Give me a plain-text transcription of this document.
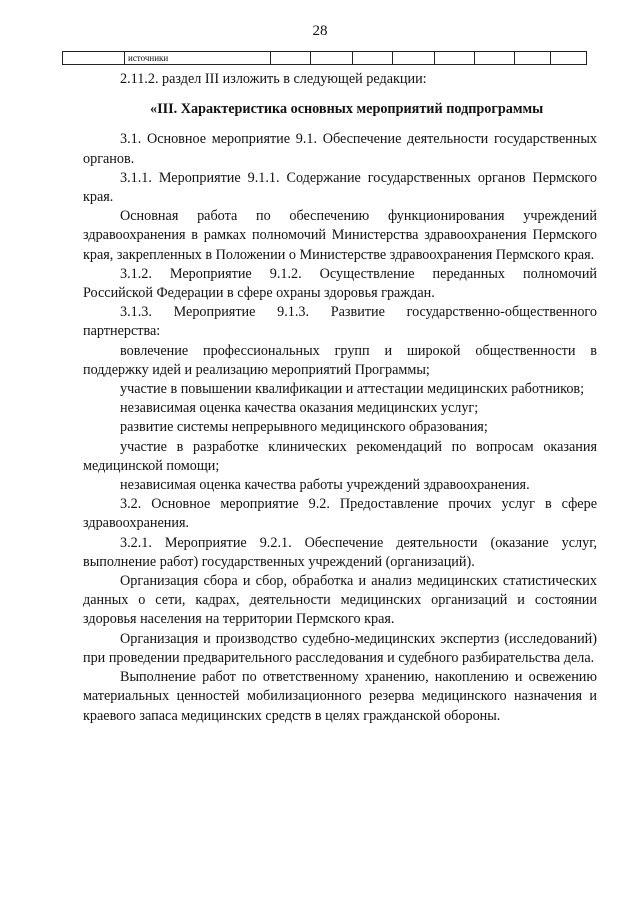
28
	источники								

2.11.2. раздел III изложить в следующей редакции:

«III. Характеристика основных мероприятий подпрограммы

3.1. Основное мероприятие 9.1. Обеспечение деятельности государственных органов.

3.1.1. Мероприятие 9.1.1. Содержание государственных органов Пермского края.

Основная работа по обеспечению функционирования учреждений здравоохранения в рамках полномочий Министерства здравоохранения Пермского края, закрепленных в Положении о Министерстве здравоохранения Пермского края.

3.1.2. Мероприятие 9.1.2. Осуществление переданных полномочий Российской Федерации в сфере охраны здоровья граждан.

3.1.3. Мероприятие 9.1.3. Развитие государственно-общественного партнерства:

вовлечение профессиональных групп и широкой общественности в поддержку идей и реализацию мероприятий Программы;

участие в повышении квалификации и аттестации медицинских работников;

независимая оценка качества оказания медицинских услуг;

развитие системы непрерывного медицинского образования;

участие в разработке клинических рекомендаций по вопросам оказания медицинской помощи;

независимая оценка качества работы учреждений здравоохранения.

3.2. Основное мероприятие 9.2. Предоставление прочих услуг в сфере здравоохранения.

3.2.1. Мероприятие 9.2.1. Обеспечение деятельности (оказание услуг, выполнение работ) государственных учреждений (организаций).

Организация сбора и сбор, обработка и анализ медицинских статистических данных о сети, кадрах, деятельности медицинских организаций и состоянии здоровья населения на территории Пермского края.

Организация и производство судебно-медицинских экспертиз (исследований) при проведении предварительного расследования и судебного разбирательства дела.

Выполнение работ по ответственному хранению, накоплению и освежению материальных ценностей мобилизационного резерва медицинского назначения и краевого запаса медицинских средств в целях гражданской обороны.
